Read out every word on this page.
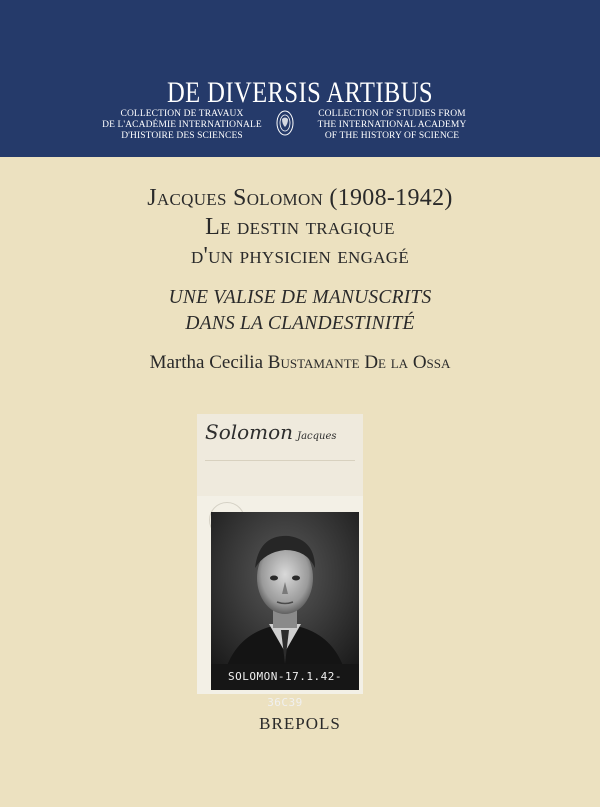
DE DIVERSIS ARTIBUS
COLLECTION DE TRAVAUX
DE L'ACADÉMIE INTERNATIONALE
D'HISTOIRE DES SCIENCES
COLLECTION OF STUDIES FROM
THE INTERNATIONAL ACADEMY
OF THE HISTORY OF SCIENCE
Jacques Solomon (1908-1942)
Le destin tragique
d'un physicien engagé
UNE VALISE DE MANUSCRITS
DANS LA CLANDESTINITÉ
Martha Cecilia Bustamante De la Ossa
Solomon Jacques
SOLOMON-17.1.42-36C39
BREPOLS
